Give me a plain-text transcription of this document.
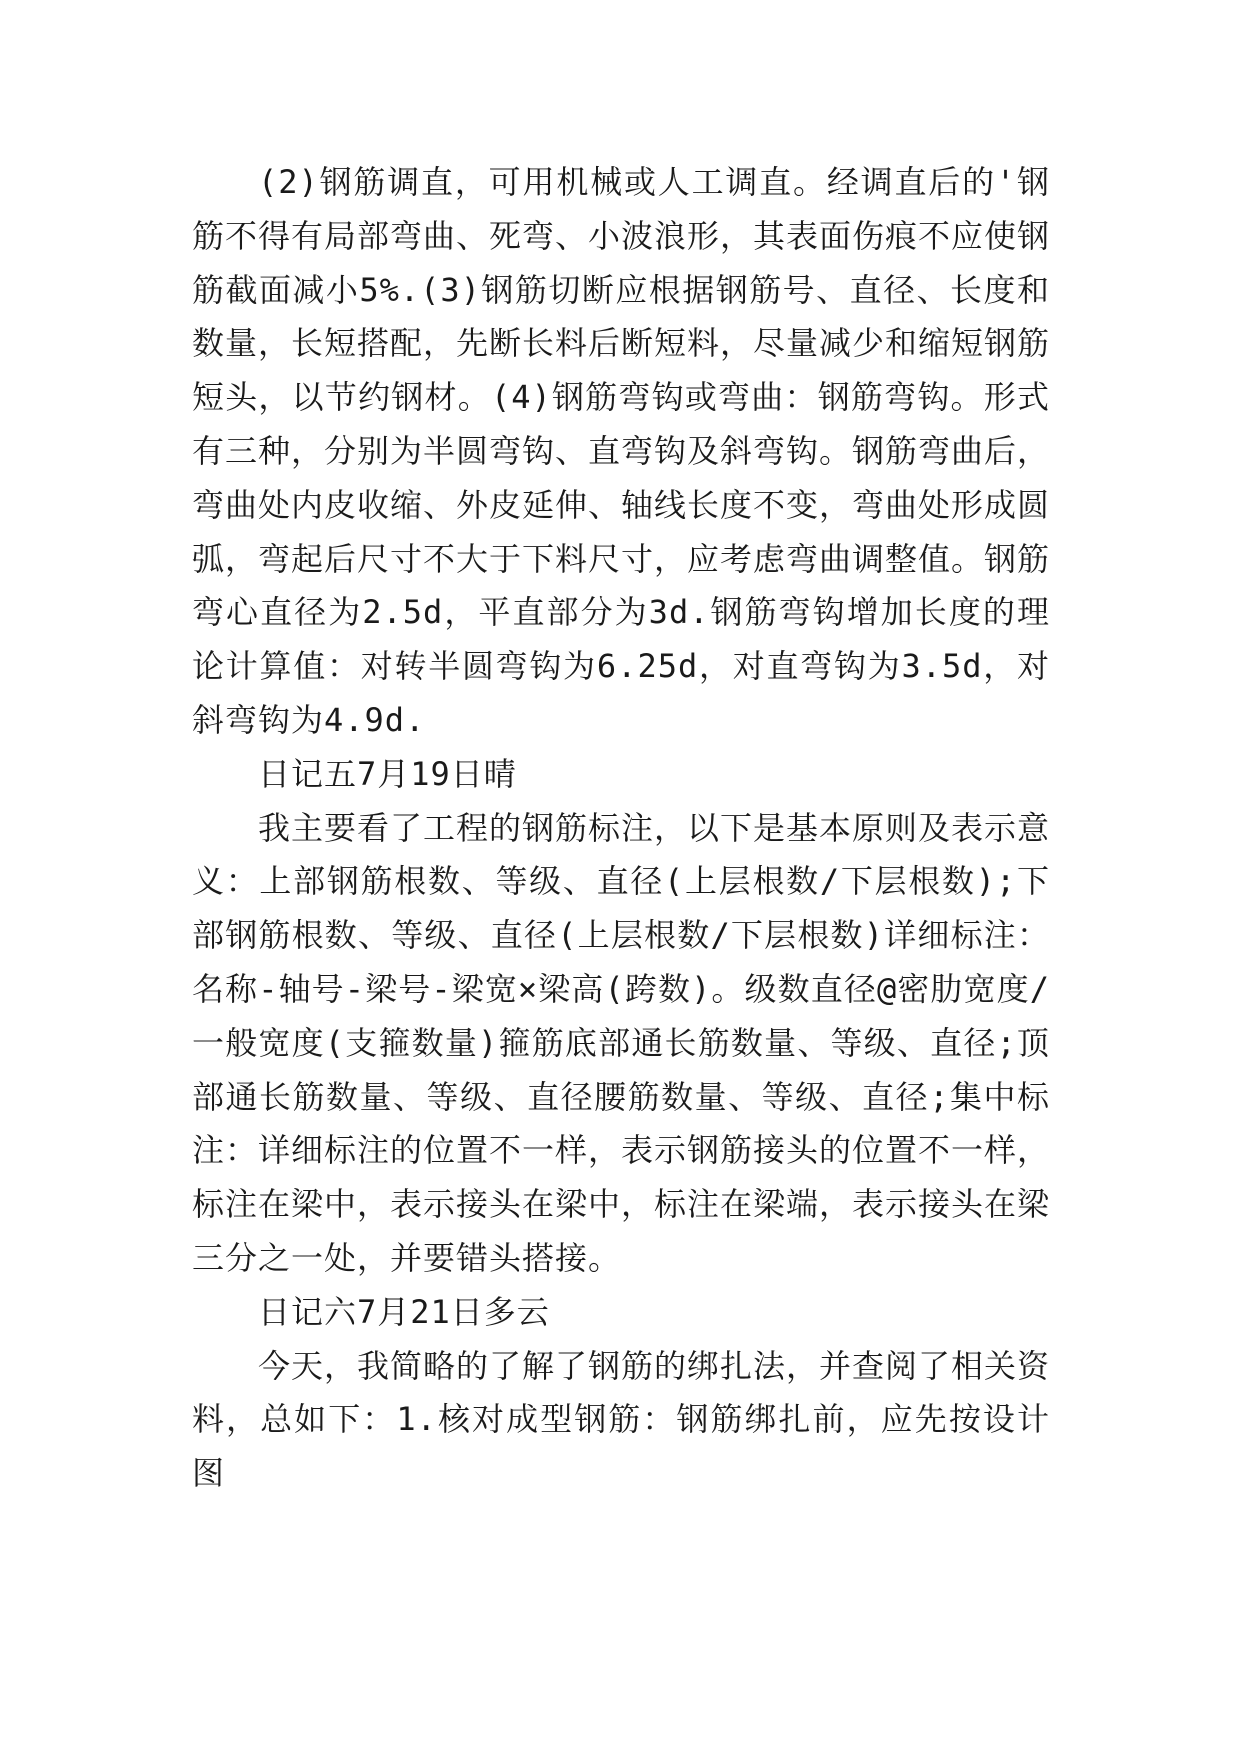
(2)钢筋调直，可用机械或人工调直。经调直后的'钢筋不得有局部弯曲、死弯、小波浪形，其表面伤痕不应使钢筋截面减小5%.(3)钢筋切断应根据钢筋号、直径、长度和数量，长短搭配，先断长料后断短料，尽量减少和缩短钢筋短头，以节约钢材。(4)钢筋弯钩或弯曲：钢筋弯钩。形式有三种，分别为半圆弯钩、直弯钩及斜弯钩。钢筋弯曲后，弯曲处内皮收缩、外皮延伸、轴线长度不变，弯曲处形成圆弧，弯起后尺寸不大于下料尺寸，应考虑弯曲调整值。钢筋弯心直径为2.5d，平直部分为3d.钢筋弯钩增加长度的理论计算值：对转半圆弯钩为6.25d，对直弯钩为3.5d，对斜弯钩为4.9d.

日记五7月19日晴

我主要看了工程的钢筋标注，以下是基本原则及表示意义：上部钢筋根数、等级、直径(上层根数/下层根数);下部钢筋根数、等级、直径(上层根数/下层根数)详细标注：名称-轴号-梁号-梁宽×梁高(跨数)。级数直径@密肋宽度/一般宽度(支箍数量)箍筋底部通长筋数量、等级、直径;顶部通长筋数量、等级、直径腰筋数量、等级、直径;集中标注：详细标注的位置不一样，表示钢筋接头的位置不一样，标注在梁中，表示接头在梁中，标注在梁端，表示接头在梁三分之一处，并要错头搭接。

日记六7月21日多云

今天，我简略的了解了钢筋的绑扎法，并查阅了相关资料，总如下：1.核对成型钢筋：钢筋绑扎前，应先按设计图
